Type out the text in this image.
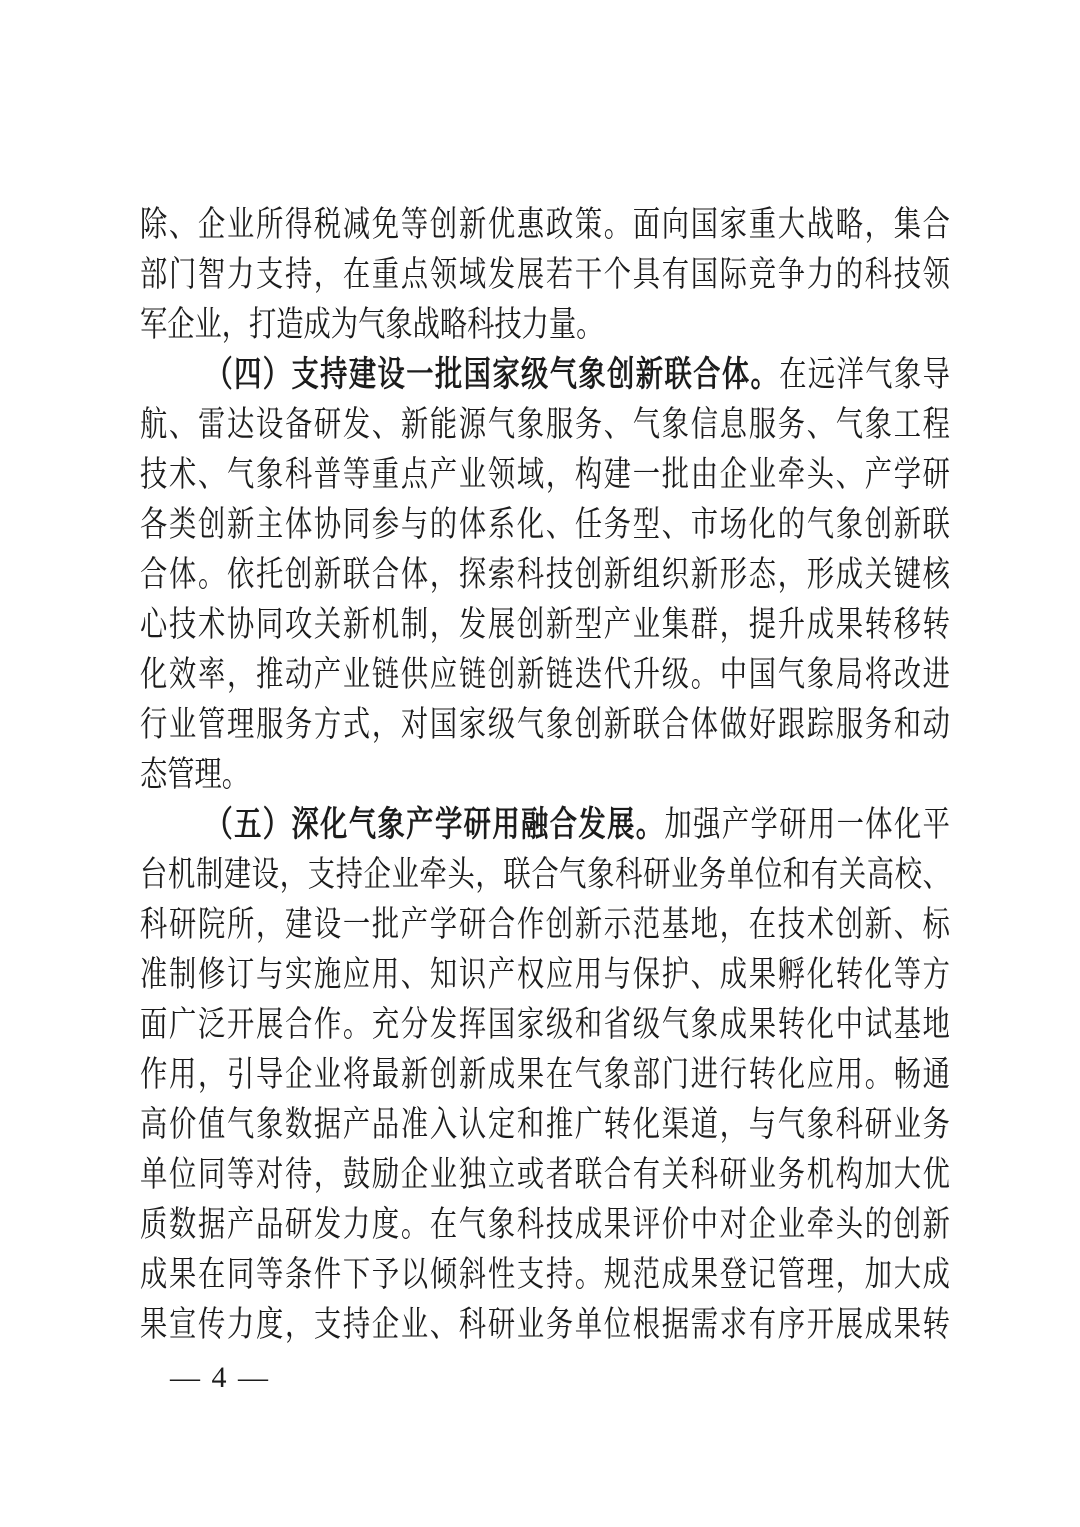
除、企业所得税减免等创新优惠政策。面向国家重大战略，集合
部门智力支持，在重点领域发展若干个具有国际竞争力的科技领
军企业，打造成为气象战略科技力量。
（四）支持建设一批国家级气象创新联合体。在远洋气象导
航、雷达设备研发、新能源气象服务、气象信息服务、气象工程
技术、气象科普等重点产业领域，构建一批由企业牵头、产学研
各类创新主体协同参与的体系化、任务型、市场化的气象创新联
合体。依托创新联合体，探索科技创新组织新形态，形成关键核
心技术协同攻关新机制，发展创新型产业集群，提升成果转移转
化效率，推动产业链供应链创新链迭代升级。中国气象局将改进
行业管理服务方式，对国家级气象创新联合体做好跟踪服务和动
态管理。
（五）深化气象产学研用融合发展。加强产学研用一体化平
台机制建设，支持企业牵头，联合气象科研业务单位和有关高校、
科研院所，建设一批产学研合作创新示范基地，在技术创新、标
准制修订与实施应用、知识产权应用与保护、成果孵化转化等方
面广泛开展合作。充分发挥国家级和省级气象成果转化中试基地
作用，引导企业将最新创新成果在气象部门进行转化应用。畅通
高价值气象数据产品准入认定和推广转化渠道，与气象科研业务
单位同等对待，鼓励企业独立或者联合有关科研业务机构加大优
质数据产品研发力度。在气象科技成果评价中对企业牵头的创新
成果在同等条件下予以倾斜性支持。规范成果登记管理，加大成
果宣传力度，支持企业、科研业务单位根据需求有序开展成果转
— 4 —
